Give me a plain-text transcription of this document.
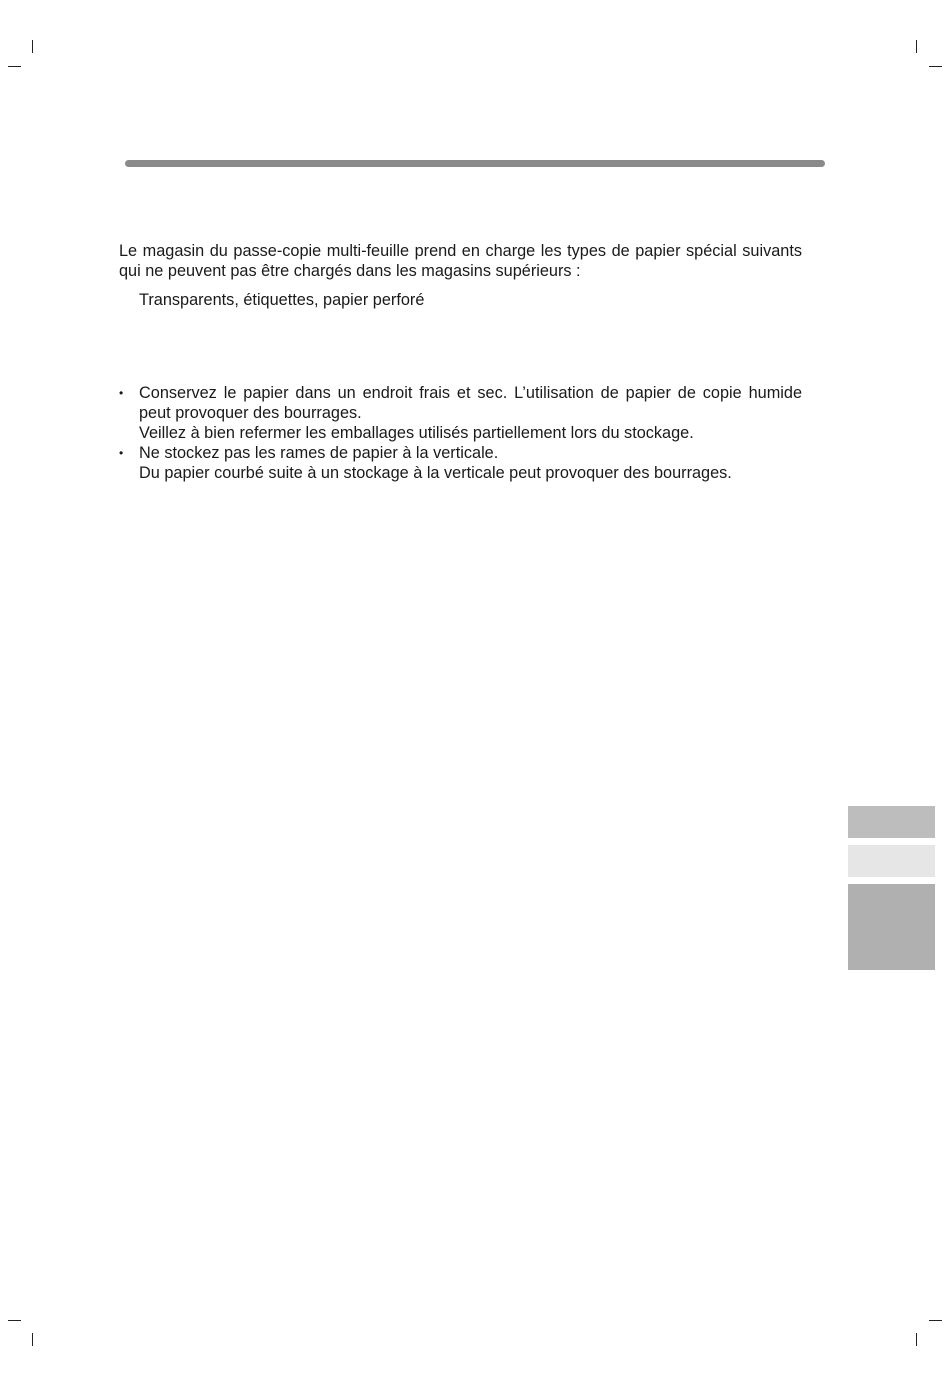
Le magasin du passe-copie multi-feuille prend en charge les types de papier spécial suivants qui ne peuvent pas être chargés dans les magasins supérieurs :

Transparents, étiquettes, papier perforé

• Conservez le papier dans un endroit frais et sec. L’utilisation de papier de copie humide peut provoquer des bourrages.
Veillez à bien refermer les emballages utilisés partiellement lors du stockage.
• Ne stockez pas les rames de papier à la verticale.
Du papier courbé suite à un stockage à la verticale peut provoquer des bourrages.
